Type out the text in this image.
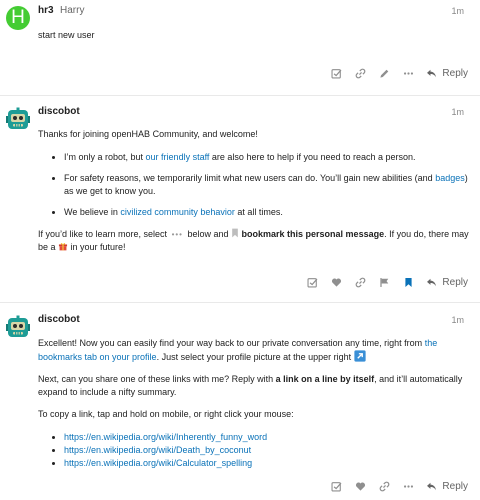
H	hr3 Harry	1m

start new user

Reply
discobot	1m

Thanks for joining openHAB Community, and welcome!

• I’m only a robot, but our friendly staff are also here to help if you need to reach a person.
• For safety reasons, we temporarily limit what new users can do. You’ll gain new abilities (and badges) as we get to know you.
• We believe in civilized community behavior at all times.

If you’d like to learn more, select ••• below and  bookmark this personal message. If you do, there may be a  in your future!

Reply
discobot	1m

Excellent! Now you can easily find your way back to our private conversation any time, right from the bookmarks tab on your profile. Just select your profile picture at the upper right

Next, can you share one of these links with me? Reply with a link on a line by itself, and it’ll automatically expand to include a nifty summary.

To copy a link, tap and hold on mobile, or right click your mouse:

• https://en.wikipedia.org/wiki/Inherently_funny_word
• https://en.wikipedia.org/wiki/Death_by_coconut
• https://en.wikipedia.org/wiki/Calculator_spelling
Reply
